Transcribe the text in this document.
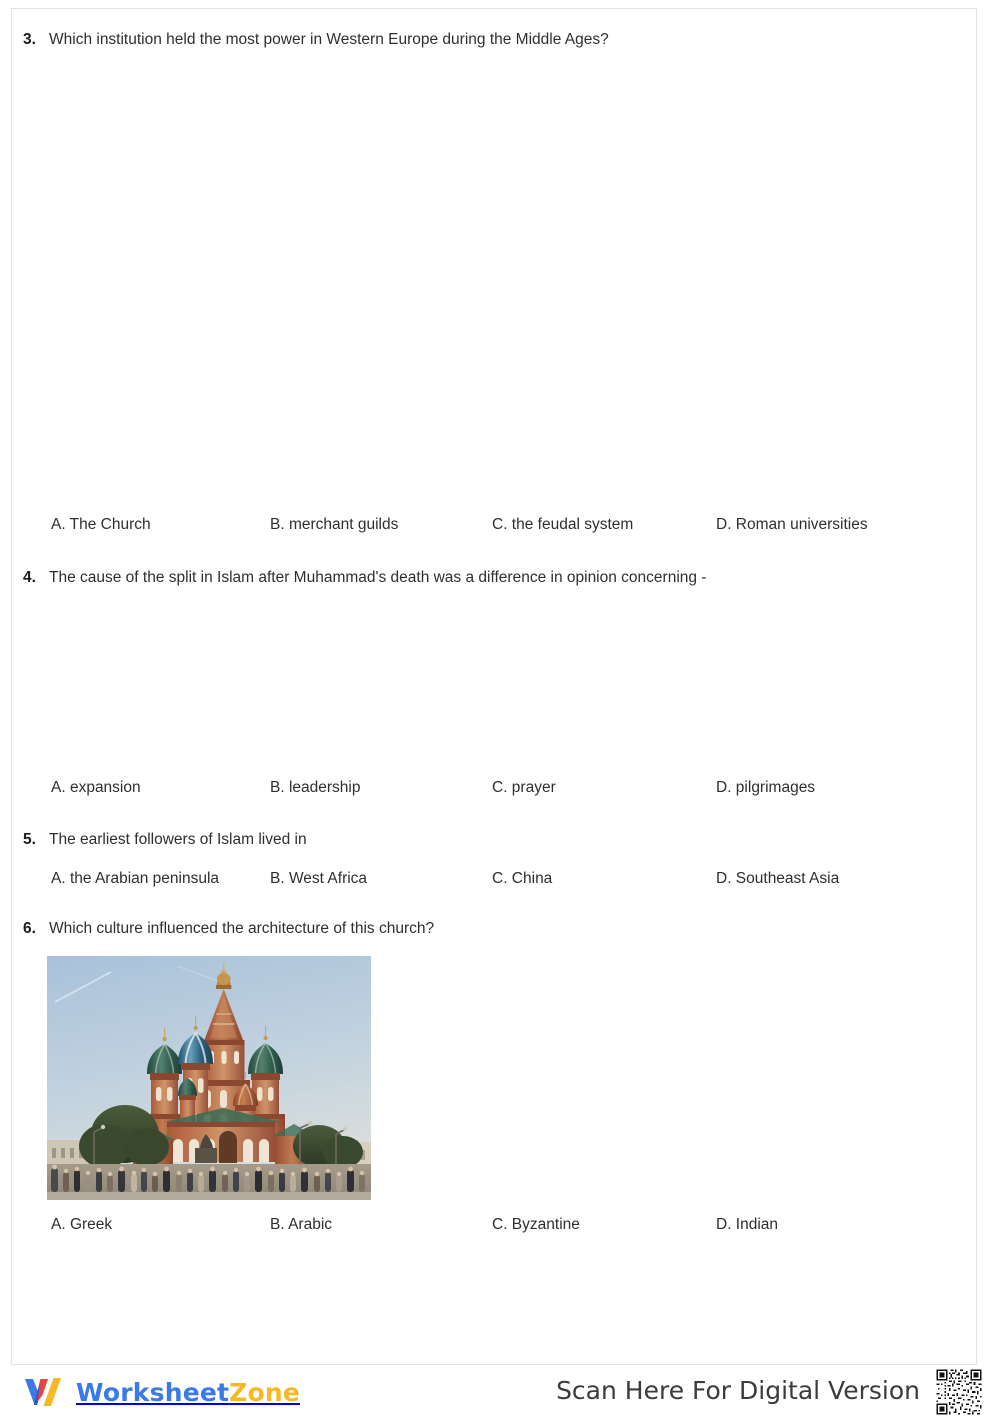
3. Which institution held the most power in Western Europe during the Middle Ages?
A. The Church	B. merchant guilds	C. the feudal system	D. Roman universities
4. The cause of the split in Islam after Muhammad's death was a difference in opinion concerning -
A. expansion	B. leadership	C. prayer	D. pilgrimages
5. The earliest followers of Islam lived in
A. the Arabian peninsula	B. West Africa	C. China	D. Southeast Asia
6. Which culture influenced the architecture of this church?
A. Greek	B. Arabic	C. Byzantine	D. Indian
WorksheetZone	Scan Here For Digital Version
